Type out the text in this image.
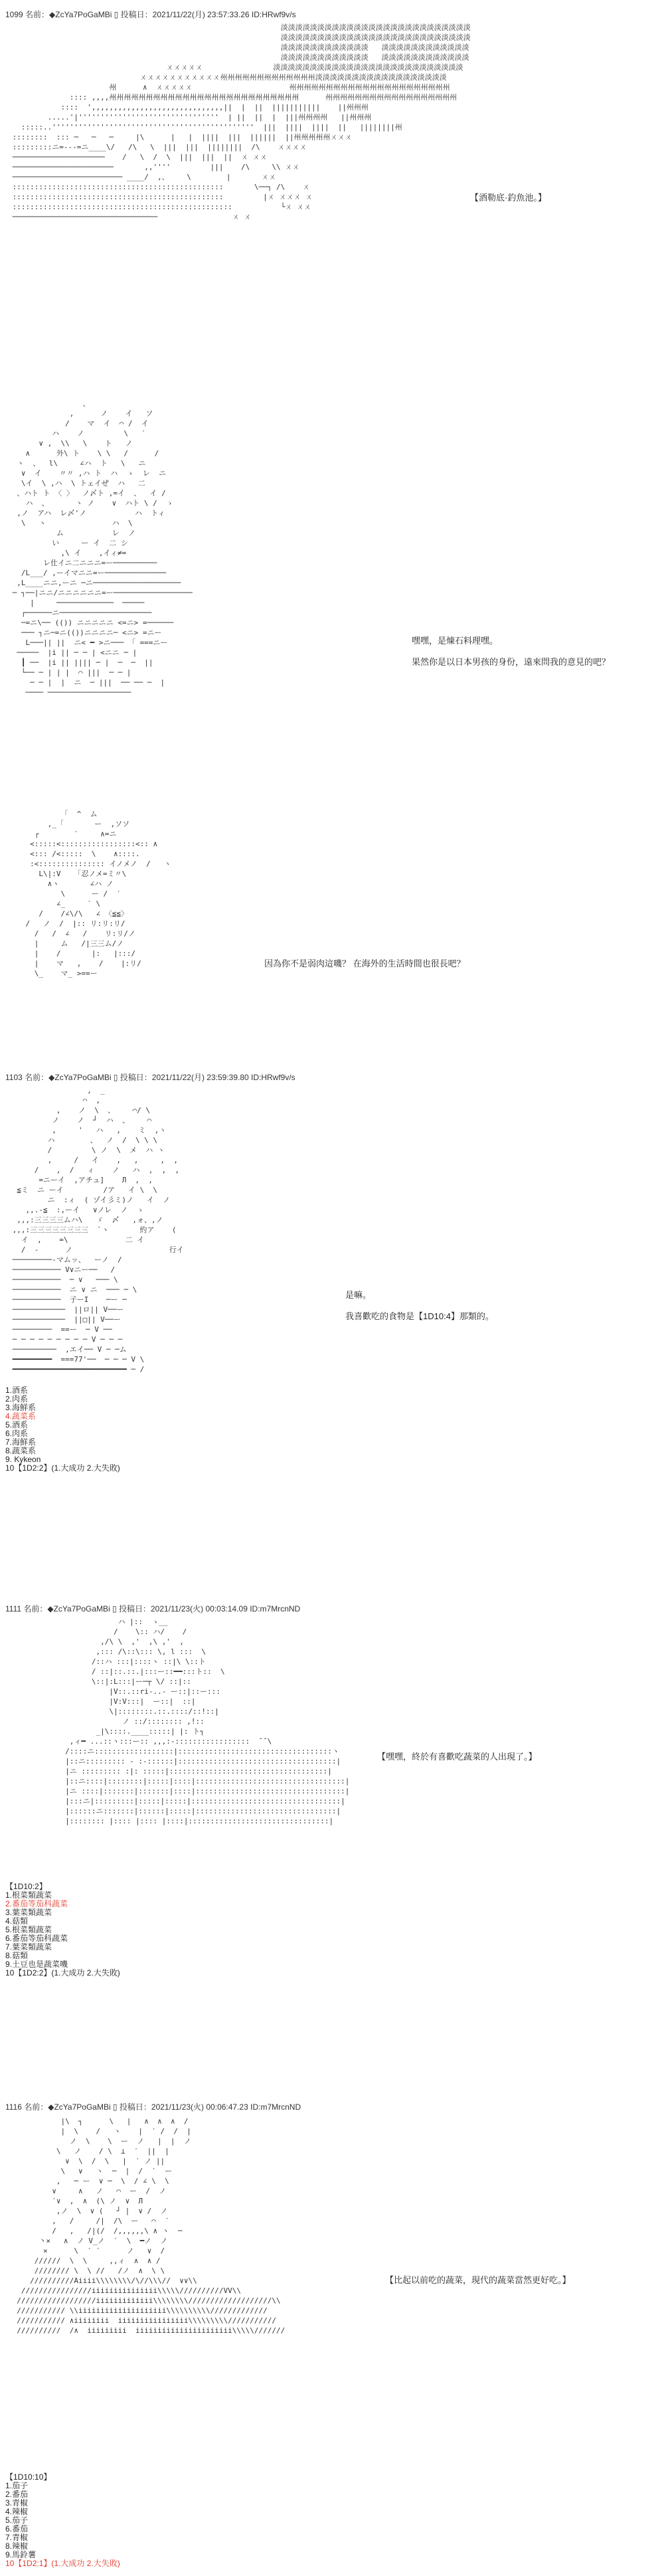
1099 名前：◆ZcYa7PoGaMBi ▯ 投稿日：2021/11/22(月) 23:57:33.26 ID:HRwf9v/s
淡淡淡淡淡淡淡淡淡淡淡淡淡淡淡淡淡淡淡淡淡淡淡淡淡淡
淡淡淡淡淡淡淡淡淡淡淡淡淡淡淡淡淡淡淡淡淡淡淡淡淡淡
淡淡淡淡淡淡淡淡淡淡淡淡   淡淡淡淡淡淡淡淡淡淡淡淡
淡淡淡淡淡淡淡淡淡淡淡淡   淡淡淡淡淡淡淡淡淡淡淡淡
ㄨㄨㄨㄨㄨ                淡淡淡淡淡淡淡淡淡淡淡淡淡淡淡淡淡淡淡淡淡淡淡淡淡淡
ㄨㄨㄨㄨㄨㄨㄨㄨㄨㄨㄨ州州州州州州州州州州州州州淡淡淡淡淡淡淡淡淡淡淡淡淡淡淡淡淡淡
州      ∧  ㄨㄨㄨㄨㄨ                      州州州州州州州州州州州州州州州州州州州州州州
:::: ,,,,州州州州州州州州州州州州州州州州州州州州州州州州州州      州州州州州州州州州州州州州州州州州州
::::  ',,,,,,,,,,,,,,,,,,,,,,,,,,,,,,||  |  ||  |||||||||||    ||州州州
.....'|''''''''''''''''''''''''''''''''  | ||  ||  |  |||州州州州   ||州州州
:::::..''''''''''''''''''''''''''''''''''''''''''''''  |||  ||||  ||||  ||   ||||||||州
::::::::  ::: ─   ─   ─     |\      |   |  ||||  |||  ||||||  ||州州州州州ㄨㄨㄨ
:::::::::ニ=---=ニ____\/   /\   \  |||  |||  ||||||||  /\    ㄨㄨㄨㄨ
─────────────────────    /   \  /  \  |||  |||  ||  ㄨ ㄨㄨ
───────────────────────       ,,''''         |||    /\     \\ ㄨㄨ
───────────────────────── ____/  ,、    \        |       ㄨㄨ
::::::::::::::::::::::::::::::::::::::::::::::::       \──┐ /\    ㄨ
::::::::::::::::::::::::::::::::::::::::::::::::         |ㄨ ㄨㄨㄨ ㄨ
::::::::::::::::::::::::::::::::::::::::::::::::::           └ㄨ ㄨㄨ
─────────────────────────────────                 ㄨ ㄨ
【酒勒底·釣魚池。】
、
,      ノ    イ   ソ
/    マ  イ  ⌒ /  イ
ハ    ノ         \   ′
∨ ,  \\   \    ト   ノ
∧      外\ ト    \ \   /      /
ヽ  、  l\     ∠ハ  ト   \   ニ
∨  イ    〃〃 ,ハ ト  ハ  ゝ  レ  ニ
\イ  \ ,ハ  \ トェイぜ  ハ   二
、ハト ト 〈 〉  ノ〆ト ,=イ  、  イ /
ハ  、      ヽ ノ    ∨  ハト \ /  ゝ
,ノ  アハ  レ〆'ノ           ハ  トィ
\   ヽ               ハ  \
ム           レ  ノ
い     ー イ  二 シ
,\ イ    ,イィ≠=
レ仕イニ二ニニニ=ー──────────
/L___/ ,ーイマニニ=ー──────────────
,L____ニニ,ーニ ─ニ────────────────────
─ ┐──|ニニ/ニニニニニニ=ー──────────────────
|     ─────────────  ─────
┌──────ニ─────────────────────
─=ニ\── (()) ニニニニニ <=ニ> =──────
─── ┐ニ─=ニ(())ニニニニ─ <ニ> =ニー
L───|| ||  ニ< ━ >ニ─── 「 ===ニー
─────  |i || ─ ─ | <ニニ ─ |
┃ ──  |i || |||| ─ |  ─  ─  ||
└── ─ | | |  ⌒ |||  ─ ─ |
─ ─ |  |  ニ  ─ |||  ── ── ─  |
──── ───────────────────
嘿嘿，是煉石料理嘿。
果然你是以日本男孩的身份，遠來問我的意見的吧？
「  ^  ム
,_「       ー  ,ソソ
┌        ′     ∧=ニ
<:::::<:::::::::::::::::<:: ∧
<::: /<:::::  \    ∧::::.
:<::::::::::::::: イノメノ  /   ヽ
L\|:V   「忍ノメ=ミ〃\
∧ヽ       ∠ハ ノ
\      ー /  ′
∠_     ′ \
/    /∠\/\   ∠ 〈≦≦〉
/   ノ  /  |:: リ:リ:リ/
/   /  ∠   /    リ:リ/ノ
|     ム   /|三三ム/ノ
|    /       |:   |:::/
|    マ   ,    /    |:リ/
\_    マ_ >==ー
因為你不是弱肉這嘰？ 在海外的生活時間也很長吧？
1103 名前：◆ZcYa7PoGaMBi ▯ 投稿日：2021/11/22(月) 23:59:39.80 ID:HRwf9v/s
,  _
⌒  ,
,    ノ  \  、    ⌒/ \
ノ    ノ  ┘  ハ  、    ⌒
,     '   ハ   ,    ミ  ,ヽ
ハ        、  ノ  /  \ \ \
/         \ ノ  \  メ  ハ ヽ
,     /   イ    ,   ,     ,  ,
/    ,  /   ィ    ノ   ハ  ,  ,  ,
=ニーイ  ,アチュ]    Л  ,  ,
≦ミ  ニ ーイ         /ア   イ \  \
ニ  :ィ  ( ゾイ彡ミ)ノ   イ  ノ
,,.-≦  :,ーイ   ∨ノレ  ノ  ゝ
,,,:三三三三ムハ\   ゞ  〆   ,ォ、,ノ
,,,:三三三三三三三三  `ヽ       約ア    (
イ  ,    =\             二 イ
/  ‐      ノ                      行イ
─────────‐マムッ、  ーノ  /
─────────── V∨ニー──   /
───────────  ─ ∨   ─── \
───────────  ニ ∨ ニ  ─── ─ \
───────────  子ーI    ─ー ─
────────────  ||ロ|| V──ー
────────────  ||□|| V──ー
─────────  ==ー  ─ V ──
─ ─ ─ ─ ─ ─ ─ ─ ─ V ─ ─ ─
──────────  ,エイ── V ─ ─ム
━━━━━━━━━  ===77'──  ─ ─ ─ V \
━━━━━━━━━━━━━━━━━━━━━━━━━━ ─ /
是嘛。
我喜歡吃的食物是【1D10:4】那類的。
1.酒系
2.肉系
3.海鮮系
4.蔬菜系
5.酒系
6.肉系
7.海鮮系
8.蔬菜系
9. Kykeon
10【1D2:2】(1.大成功 2.大失敗)
1111 名前：◆ZcYa7PoGaMBi ▯ 投稿日：2021/11/23(火) 00:03:14.09 ID:m7MrcnND
ハ |::  ゝ__
/    \:: ハ/    /
,/\ \  ,'  ,\ ,'  ,
,::: /\::\::: \, l :::  \
/::ハ :::|::::ヽ ::|\ \::ト
/ ::|::.::.|:::ー::━━:::ト::  \
\::|:L:::|ー─┬ \/ ::|::
|V::.::ri-..- ー::|::ー:::
|V:V:::|  ー::|  ::|
\|::::::::.::.::::/::!::|
ノ ::/:::::::: ,!::
_|\::::.____:::::| |: ト┐
,ィ━ ...::ヽ:::ー:: ,,,:‐:::::::::::::::::  ̄ ̄ \
/::::ニ::::::::::::::::::|:::::::::::::::::::::::::::::::::::ヽ
|::ニ::::::::: - :-::::::|::::::::::::::::::::::::::::::::::::|
|ニ ::::::::: :|: :::::|::::::::::::::::::::::::::::::::::::|
|::ニ::::|::::::::|:::::|::::|::::::::::::::::::::::::::::::::::|
|ニ ::::|:::::::|:::::::|::::|::::::::::::::::::::::::::::::::::|
|:::ニ|:::::::::|:::::|:::::|::::::::::::::::::::::::::::::::::|
|::::::ニ:::::::|::::::|:::::|::::::::::::::::::::::::::::::::|
|:::::::: |:::: |:::: |::::|::::::::::::::::::::::::::::::::|
【嘿嘿，終於有喜歡吃蔬菜的人出現了。】
【1D10:2】
1.根菜類蔬菜
2.番茄等茄科蔬菜
3.葉菜類蔬菜
4.菇類
5.根菜類蔬菜
6.番茄等茄科蔬菜
7.葉菜類蔬菜
8.菇類
9.土豆也是蔬菜嘰
10【1D2:2】(1.大成功 2.大失敗)
1116 名前：◆ZcYa7PoGaMBi ▯ 投稿日：2021/11/23(火) 00:06:47.23 ID:m7MrcnND
|\  ┐      \   |   ∧  ∧  ∧  /
|  \    /   ヽ    |  ′ /  /  |
ノ  \    \  ー  ノ   |  |  ノ
\   ノ    / \  ⊥  ′  ||  |
∨  \  /  \   |  ′ ノ ||
\   ∨   ヽ  ─  |  /  ′  ー
,   ─ ー  ∨ ─  \  / ∠ \  \
∨     ∧   ノ   ⌒  ー  /  ノ
′∨  ,  ∧  (\ ノ  ∨  Л
,ノ  \  ∨ (   ┘ |  ∨ /  ノ
,   /     /|  /\  ー   ⌒  ′
/   ,   /|(/  /,,,,,,\ ∧ ヽ  ─
丶×   ∧  ノ V_ノ  ′  \  ━ノ  ノ
×      \  ′ ′      ノ   ∨  /
//////  \  \     ,,ィ  ∧  ∧ /
//////// \  \ //   /ノ  ∧  \ \
//////////Aiiii\\\\\\\\/\//\\\//  ∨∨\\
////////////////iiiiiiiiiiiiiii\\\\\//////////VV\\
//////////////////iiiiiiiiiiiii\\\\\\\\///////////////////\\
/////////// \\iiiiiiiiiiiiiiiiiiii\\\\\\\\\\/////////////
/////////// ∧iiiiiiii  iiiiiiiiiiiiiiii\\\\\\\\\///////////
//////////  /∧  iiiiiiiii  iiiiiiiiiiiiiiiiiiiiii\\\\\///////
【比起以前吃的蔬菜，現代的蔬菜當然更好吃。】
【1D10:10】
1.茄子
2.番茄
3.青椒
4.辣椒
5.茄子
6.番茄
7.青椒
8.辣椒
9.馬鈴薯
10【1D2:1】(1.大成功 2.大失敗)
